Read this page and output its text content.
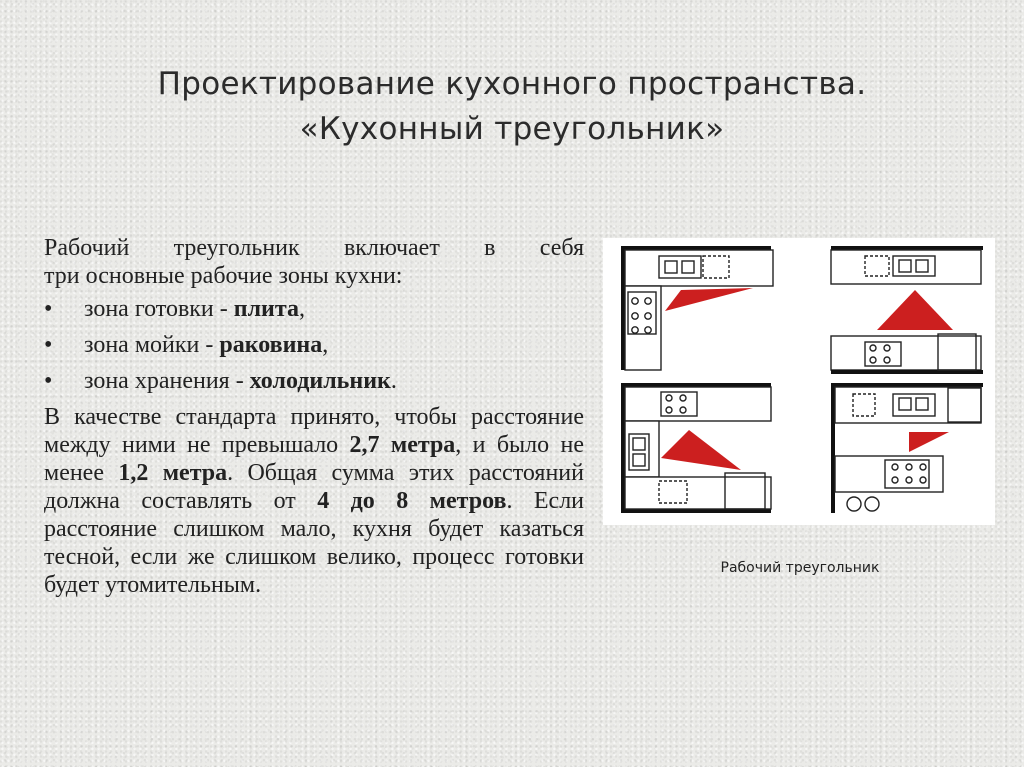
Проектирование кухонного пространства.
«Кухонный треугольник»

Рабочий треугольник включает в себя

три основные рабочие зоны кухни:

•	зона готовки - плита,
•	зона мойки - раковина,
•	зона хранения - холодильник.

В качестве стандарта принято, чтобы расстояние между ними не превышало 2,7 метра, и было не менее 1,2 метра. Общая сумма этих расстояний должна составлять от 4 до 8 метров. Если расстояние слишком мало, кухня будет казаться тесной, если же слишком велико, процесс готовки будет утомительным.

Рабочий треугольник
